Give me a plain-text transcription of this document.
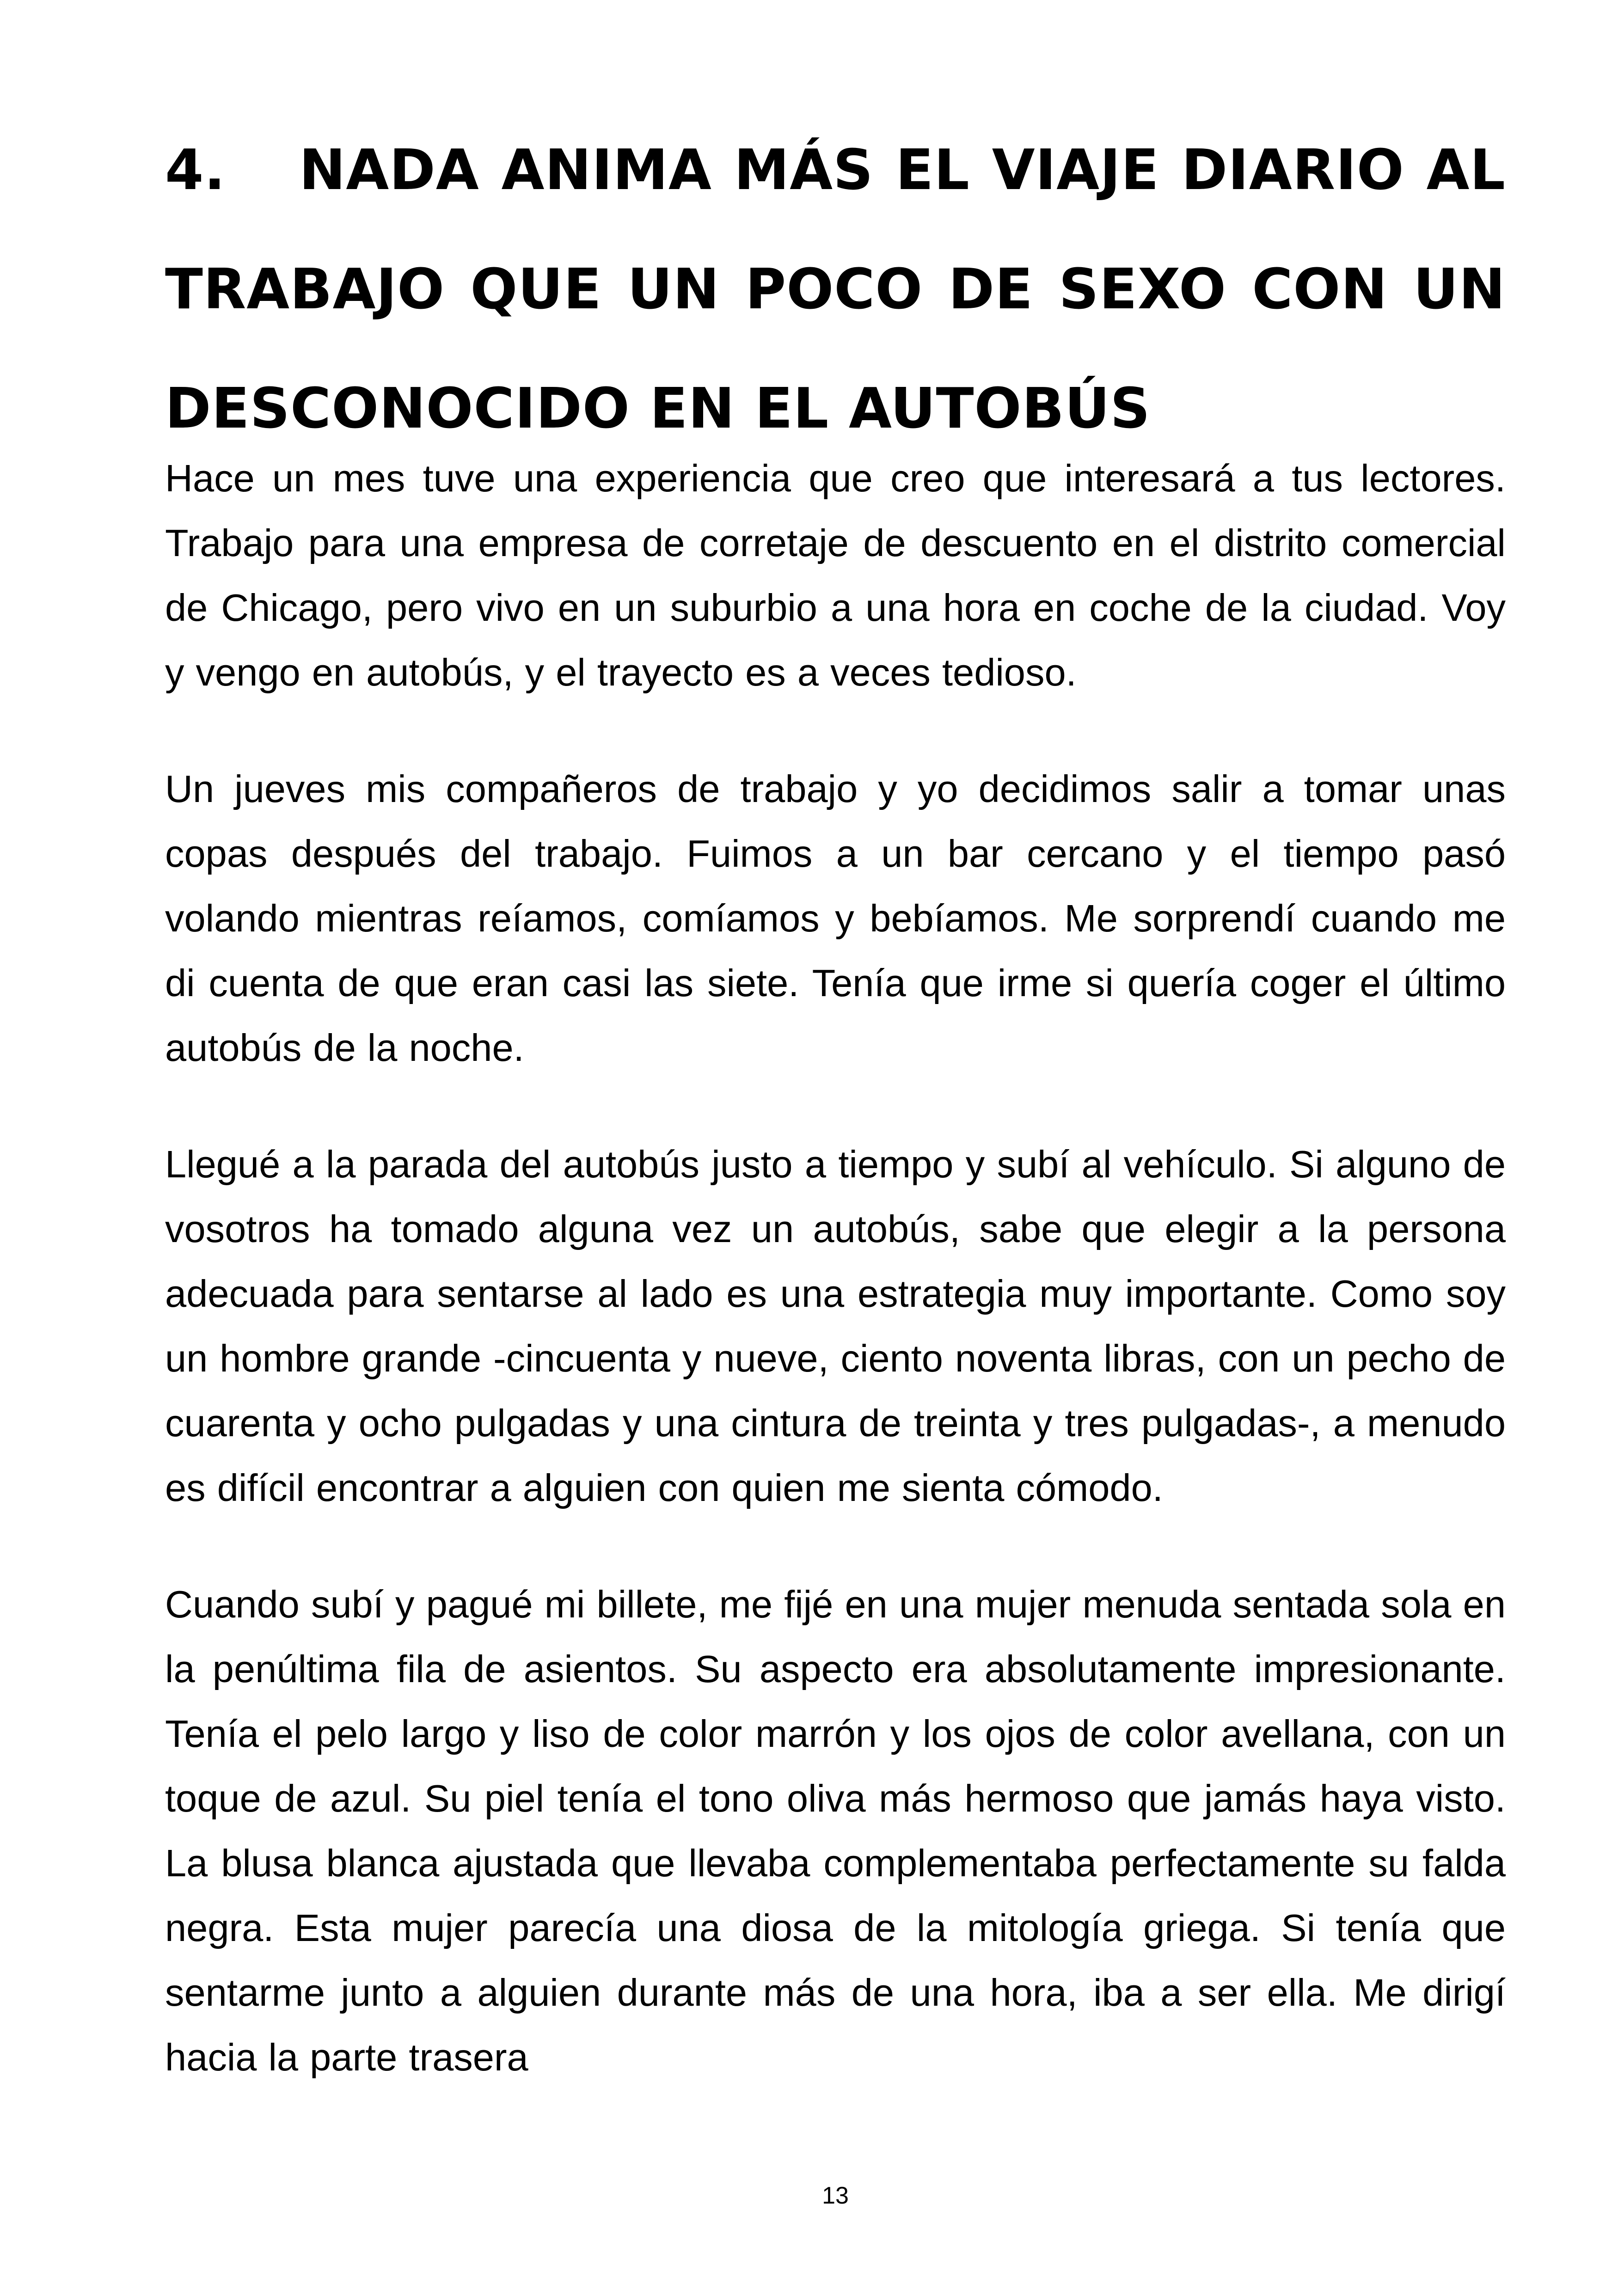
4. NADA ANIMA MÁS EL VIAJE DIARIO AL TRABAJO QUE UN POCO DE SEXO CON UN DESCONOCIDO EN EL AUTOBÚS

Hace un mes tuve una experiencia que creo que interesará a tus lectores. Trabajo para una empresa de corretaje de descuento en el distrito comercial de Chicago, pero vivo en un suburbio a una hora en coche de la ciudad. Voy y vengo en autobús, y el trayecto es a veces tedioso.

Un jueves mis compañeros de trabajo y yo decidimos salir a tomar unas copas después del trabajo. Fuimos a un bar cercano y el tiempo pasó volando mientras reíamos, comíamos y bebíamos. Me sorprendí cuando me di cuenta de que eran casi las siete. Tenía que irme si quería coger el último autobús de la noche.

Llegué a la parada del autobús justo a tiempo y subí al vehículo. Si alguno de vosotros ha tomado alguna vez un autobús, sabe que elegir a la persona adecuada para sentarse al lado es una estrategia muy importante. Como soy un hombre grande -cincuenta y nueve, ciento noventa libras, con un pecho de cuarenta y ocho pulgadas y una cintura de treinta y tres pulgadas-, a menudo es difícil encontrar a alguien con quien me sienta cómodo.

Cuando subí y pagué mi billete, me fijé en una mujer menuda sentada sola en la penúltima fila de asientos. Su aspecto era absolutamente impresionante. Tenía el pelo largo y liso de color marrón y los ojos de color avellana, con un toque de azul. Su piel tenía el tono oliva más hermoso que jamás haya visto. La blusa blanca ajustada que llevaba complementaba perfectamente su falda negra. Esta mujer parecía una diosa de la mitología griega. Si tenía que sentarme junto a alguien durante más de una hora, iba a ser ella. Me dirigí hacia la parte trasera

13
